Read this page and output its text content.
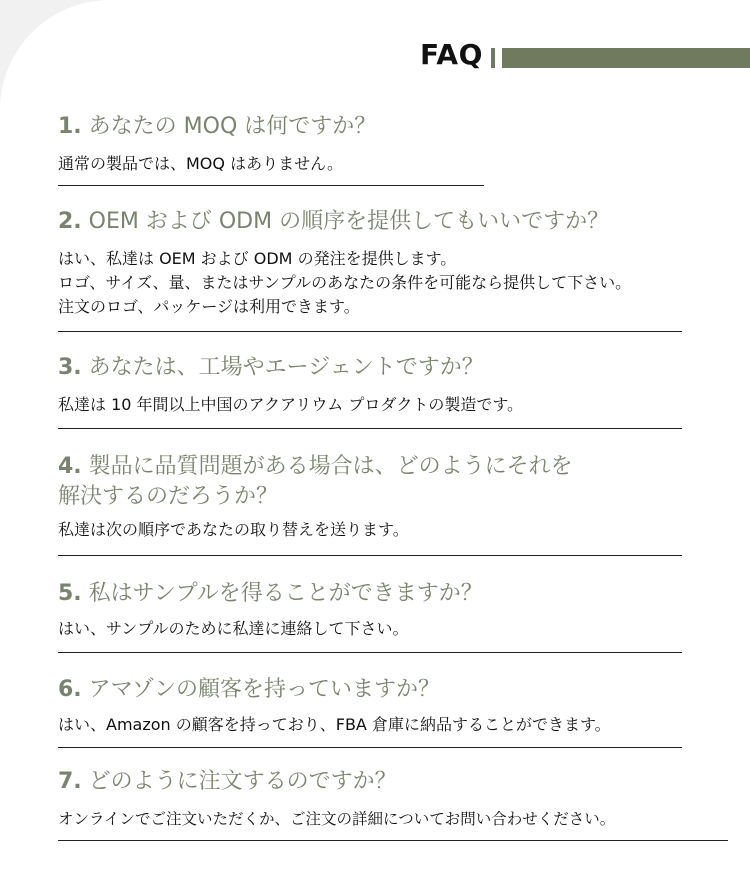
FAQ

1. あなたの MOQ は何ですか？

通常の製品では、MOQ はありません。

2. OEM および ODM の順序を提供してもいいですか？

はい、私達は OEM および ODM の発注を提供します。

ロゴ、サイズ、量、またはサンプルのあなたの条件を可能なら提供して下さい。

注文のロゴ、パッケージは利用できます。

3. あなたは、工場やエージェントですか？

私達は 10 年間以上中国のアクアリウム プロダクトの製造です。

4. 製品に品質問題がある場合は、どのようにそれを

解決するのだろうか？

私達は次の順序であなたの取り替えを送ります。

5. 私はサンプルを得ることができますか？

はい、サンプルのために私達に連絡して下さい。

6. アマゾンの顧客を持っていますか？

はい、Amazon の顧客を持っており、FBA 倉庫に納品することができます。

7. どのように注文するのですか？

オンラインでご注文いただくか、ご注文の詳細についてお問い合わせください。
